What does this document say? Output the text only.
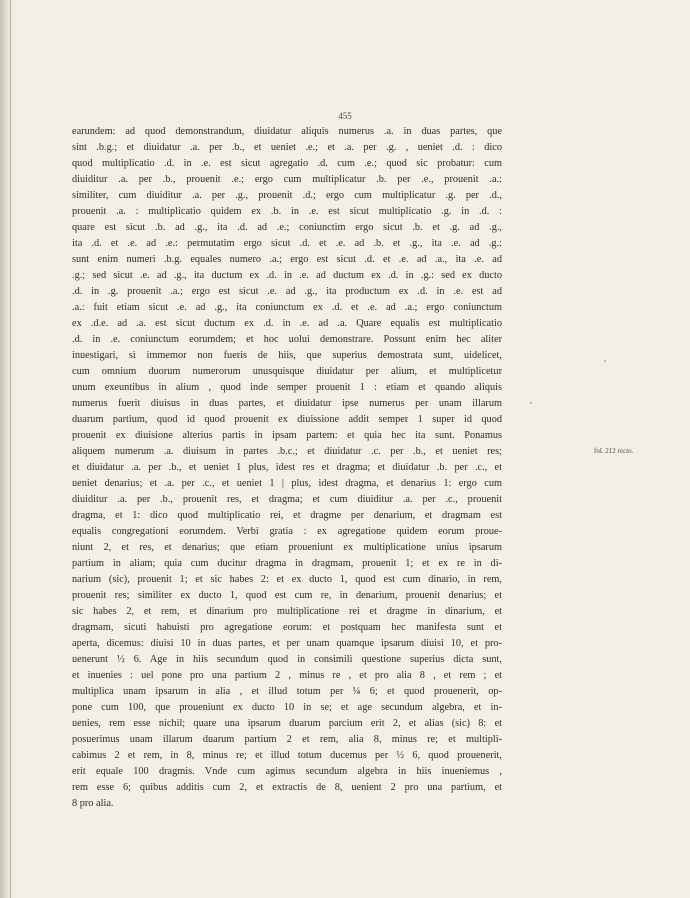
455
earundem: ad quod demonstrandum, diuidatur aliquis numerus .a. in duas partes, que
sint .b.g.; et diuidatur .a. per .b., et ueniet .e.; et .a. per .g. , ueniet .d. : dico
quod multiplicatio .d. in .e. est sicut agregatio .d. cum .e.; quod sic probatur: cum
diuiditur .a. per .b., prouenit .e.; ergo cum multiplicatur .b. per .e., prouenit .a.:
similiter, cum diuiditur .a. per .g., prouenit .d.; ergo cum multiplicatur .g. per .d.,
prouenit .a. : multiplicatio quidem ex .b. in .e. est sicut multiplicatio .g. in .d. :
quare est sicut .b. ad .g., ita .d. ad .e.; coniunctim ergo sicut .b. et .g. ad .g.,
ita .d. et .e. ad .e.: permutatim ergo sicut .d. et .e. ad .b. et .g., ita .e. ad .g.:
sunt enim numeri .b.g. equales numero .a.; ergo est sicut .d. et .e. ad .a., ita .e. ad
.g.; sed sicut .e. ad .g., ita ductum ex .d. in .e. ad ductum ex .d. in .g.: sed ex ducto
.d. in .g. prouenit .a.; ergo est sicut .e. ad .g., ita productum ex .d. in .e. est ad
.a.: fuit etiam sicut .e. ad .g., ita coniunctum ex .d. et .e. ad .a.; ergo coniunctum
ex .d.e. ad .a. est sicut ductum ex .d. in .e. ad .a. Quare equalis est multiplicatio
.d. in .e. coniunctum eorumdem; et hoc uolui demonstrare. Possunt enim hec aliter
inuestigari, si immemor non fueris de hiis, que superius demostrata sunt, uidelicet,
cum omnium duorum numerorum unusquisque diuidatur per alium, et multiplicetur
unum exeuntibus in alium , quod inde semper prouenit 1 : etiam et quando aliquis
numerus fuerit diuisus in duas partes, et diuidatur ipse numerus per unam illarum
duarum partium, quod id quod prouenit ex diuissione addit semper 1 super id quod
prouenit ex diuisione alterius partis in ipsam partem: et quia hec ita sunt. Ponamus
aliquem numerum .a. diuisum in partes .b.c.; et diuidatur .c. per .b., et ueniet res;
et diuidatur .a. per .b., et ueniet 1 plus, idest res et dragma; et diuidatur .b. per .c., et
ueniet denarius; et .a. per .c., et ueniet 1 | plus, idest dragma, et denarius 1: ergo cum
diuiditur .a. per .b., prouenit res, et dragma; et cum diuiditur .a. per .c., prouenit
dragma, et 1: dico quod multiplicatio rei, et dragme per denarium, et dragmam est
equalis congregationi eorumdem. Verbi gratia : ex agregatione quidem eorum proue-
niunt 2, et res, et denarius; que etiam proueniunt ex multiplicatione uníus ipsarum
partium in aliam; quia cum ducitur dragma in dragmam, prouenit 1; et ex re in di-
narium (sic), prouenit 1; et sic habes 2: et ex ducto 1, quod est cum dinario, in rem,
prouenit res; similiter ex ducto 1, quod est cum re, in denarium, prouenit denarius; et
sic habes 2, et rem, et dinarium pro multiplicatione rei et dragme in dinarium, et
dragmam, sicuti habuisti pro agregatione eorum: et postquam hec manifesta sunt et
aperta, dicemus: diuisi 10 in duas partes, et per unam quamque ipsarum diuisi 10, et pro-
uenerunt ½ 6. Age in hiis secundum quod in consimili questione superius dicta sunt,
et inuenies : uel pone pro una partium 2 , minus re , et pro alia 8 , et rem ; et
multiplica unam ipsarum in alia , et illud totum per ¼ 6; et quod prouenerit, op-
pone cum 100, que proueniunt ex ducto 10 in se; et age secundum algebra, et in-
uenies, rem esse nichil; quare una ipsarum duarum parcium erit 2, et alias (sic) 8: et
posuerimus unam illarum duarum partium 2 et rem, alia 8, minus re; et multipli-
cabimus 2 et rem, in 8, minus re; et illud totum ducemus per ½ 6, quod prouenerit,
erit equale 100 dragmis. Vnde cum agimus secundum algebra in hiis inueniemus ,
rem esse 6; quibus additis cum 2, et extractis de 8, uenient 2 pro una partium, et
8 pro alia.
fol. 212 recto.
